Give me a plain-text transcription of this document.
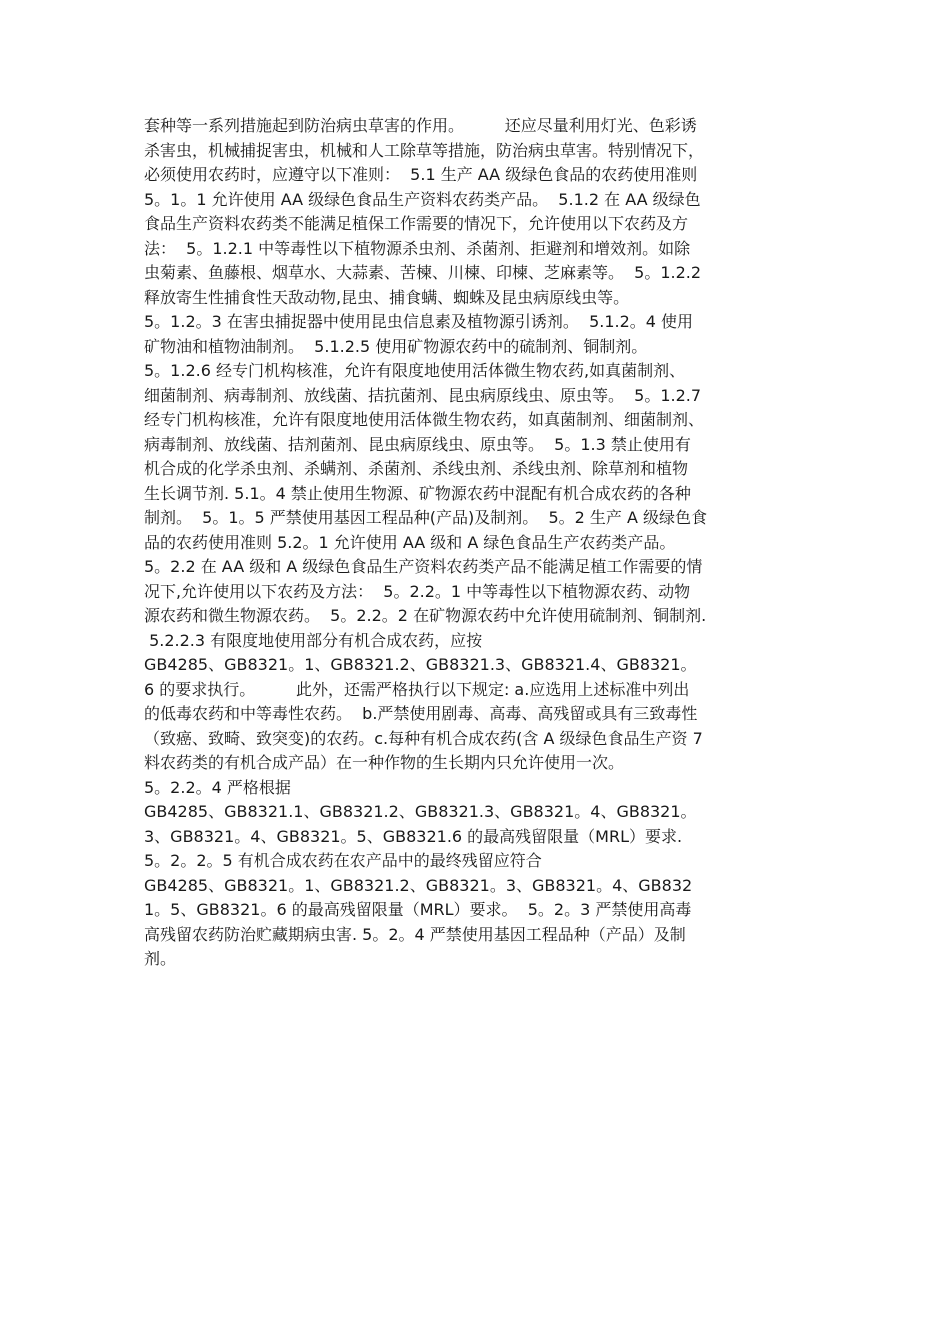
套种等一系列措施起到防治病虫草害的作用。        还应尽量利用灯光、色彩诱
杀害虫，机械捕捉害虫，机械和人工除草等措施，防治病虫草害。特别情况下，
必须使用农药时，应遵守以下准则：  5.1 生产 AA 级绿色食品的农药使用准则
5。1。1 允许使用 AA 级绿色食品生产资料农药类产品。  5.1.2 在 AA 级绿色
食品生产资料农药类不能满足植保工作需要的情况下，允许使用以下农药及方
法：  5。1.2.1 中等毒性以下植物源杀虫剂、杀菌剂、拒避剂和增效剂。如除
虫菊素、鱼藤根、烟草水、大蒜素、苦楝、川楝、印楝、芝麻素等。  5。1.2.2
释放寄生性捕食性天敌动物,昆虫、捕食螨、蜘蛛及昆虫病原线虫等。
5。1.2。3 在害虫捕捉器中使用昆虫信息素及植物源引诱剂。  5.1.2。4 使用
矿物油和植物油制剂。  5.1.2.5 使用矿物源农药中的硫制剂、铜制剂。
5。1.2.6 经专门机构核准，允许有限度地使用活体微生物农药,如真菌制剂、
细菌制剂、病毒制剂、放线菌、拮抗菌剂、昆虫病原线虫、原虫等。  5。1.2.7
经专门机构核准，允许有限度地使用活体微生物农药，如真菌制剂、细菌制剂、
病毒制剂、放线菌、拮剂菌剂、昆虫病原线虫、原虫等。  5。1.3 禁止使用有
机合成的化学杀虫剂、杀螨剂、杀菌剂、杀线虫剂、杀线虫剂、除草剂和植物
生长调节剂. 5.1。4 禁止使用生物源、矿物源农药中混配有机合成农药的各种
制剂。  5。1。5 严禁使用基因工程品种(产品)及制剂。  5。2 生产 A 级绿色食
品的农药使用准则 5.2。1 允许使用 AA 级和 A 绿色食品生产农药类产品。
5。2.2 在 AA 级和 A 级绿色食品生产资料农药类产品不能满足植工作需要的情
况下,允许使用以下农药及方法：  5。2.2。1 中等毒性以下植物源农药、动物
源农药和微生物源农药。  5。2.2。2 在矿物源农药中允许使用硫制剂、铜制剂.
5.2.2.3 有限度地使用部分有机合成农药，应按
GB4285、GB8321。1、GB8321.2、GB8321.3、GB8321.4、GB8321。
6 的要求执行。        此外，还需严格执行以下规定: a.应选用上述标准中列出
的低毒农药和中等毒性农药。  b.严禁使用剧毒、高毒、高残留或具有三致毒性
（致癌、致畸、致突变)的农药。c.每种有机合成农药(含 A 级绿色食品生产资 7
料农药类的有机合成产品）在一种作物的生长期内只允许使用一次。
5。2.2。4 严格根据
GB4285、GB8321.1、GB8321.2、GB8321.3、GB8321。4、GB8321。
3、GB8321。4、GB8321。5、GB8321.6 的最高残留限量（MRL）要求.
5。2。2。5 有机合成农药在农产品中的最终残留应符合
GB4285、GB8321。1、GB8321.2、GB8321。3、GB8321。4、GB832
1。5、GB8321。6 的最高残留限量（MRL）要求。  5。2。3 严禁使用高毒
高残留农药防治贮藏期病虫害. 5。2。4 严禁使用基因工程品种（产品）及制
剂。
